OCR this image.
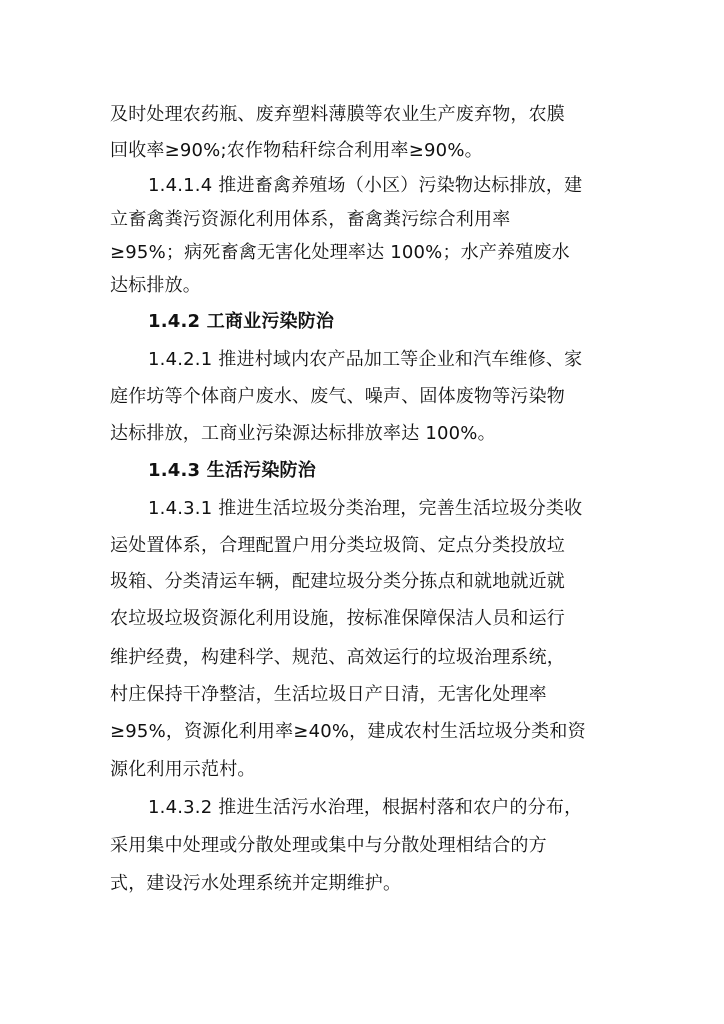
及时处理农药瓶、废弃塑料薄膜等农业生产废弃物，农膜
回收率≥90%;农作物秸秆综合利用率≥90%。
1.4.1.4 推进畜禽养殖场（小区）污染物达标排放，建
立畜禽粪污资源化利用体系，畜禽粪污综合利用率
≥95%；病死畜禽无害化处理率达 100%；水产养殖废水
达标排放。
1.4.2 工商业污染防治
1.4.2.1 推进村域内农产品加工等企业和汽车维修、家
庭作坊等个体商户废水、废气、噪声、固体废物等污染物
达标排放，工商业污染源达标排放率达 100%。
1.4.3 生活污染防治
1.4.3.1 推进生活垃圾分类治理，完善生活垃圾分类收
运处置体系，合理配置户用分类垃圾筒、定点分类投放垃
圾箱、分类清运车辆，配建垃圾分类分拣点和就地就近就
农垃圾垃圾资源化利用设施，按标准保障保洁人员和运行
维护经费，构建科学、规范、高效运行的垃圾治理系统，
村庄保持干净整洁，生活垃圾日产日清，无害化处理率
≥95%，资源化利用率≥40%，建成农村生活垃圾分类和资
源化利用示范村。
1.4.3.2 推进生活污水治理，根据村落和农户的分布，
采用集中处理或分散处理或集中与分散处理相结合的方
式，建设污水处理系统并定期维护。
